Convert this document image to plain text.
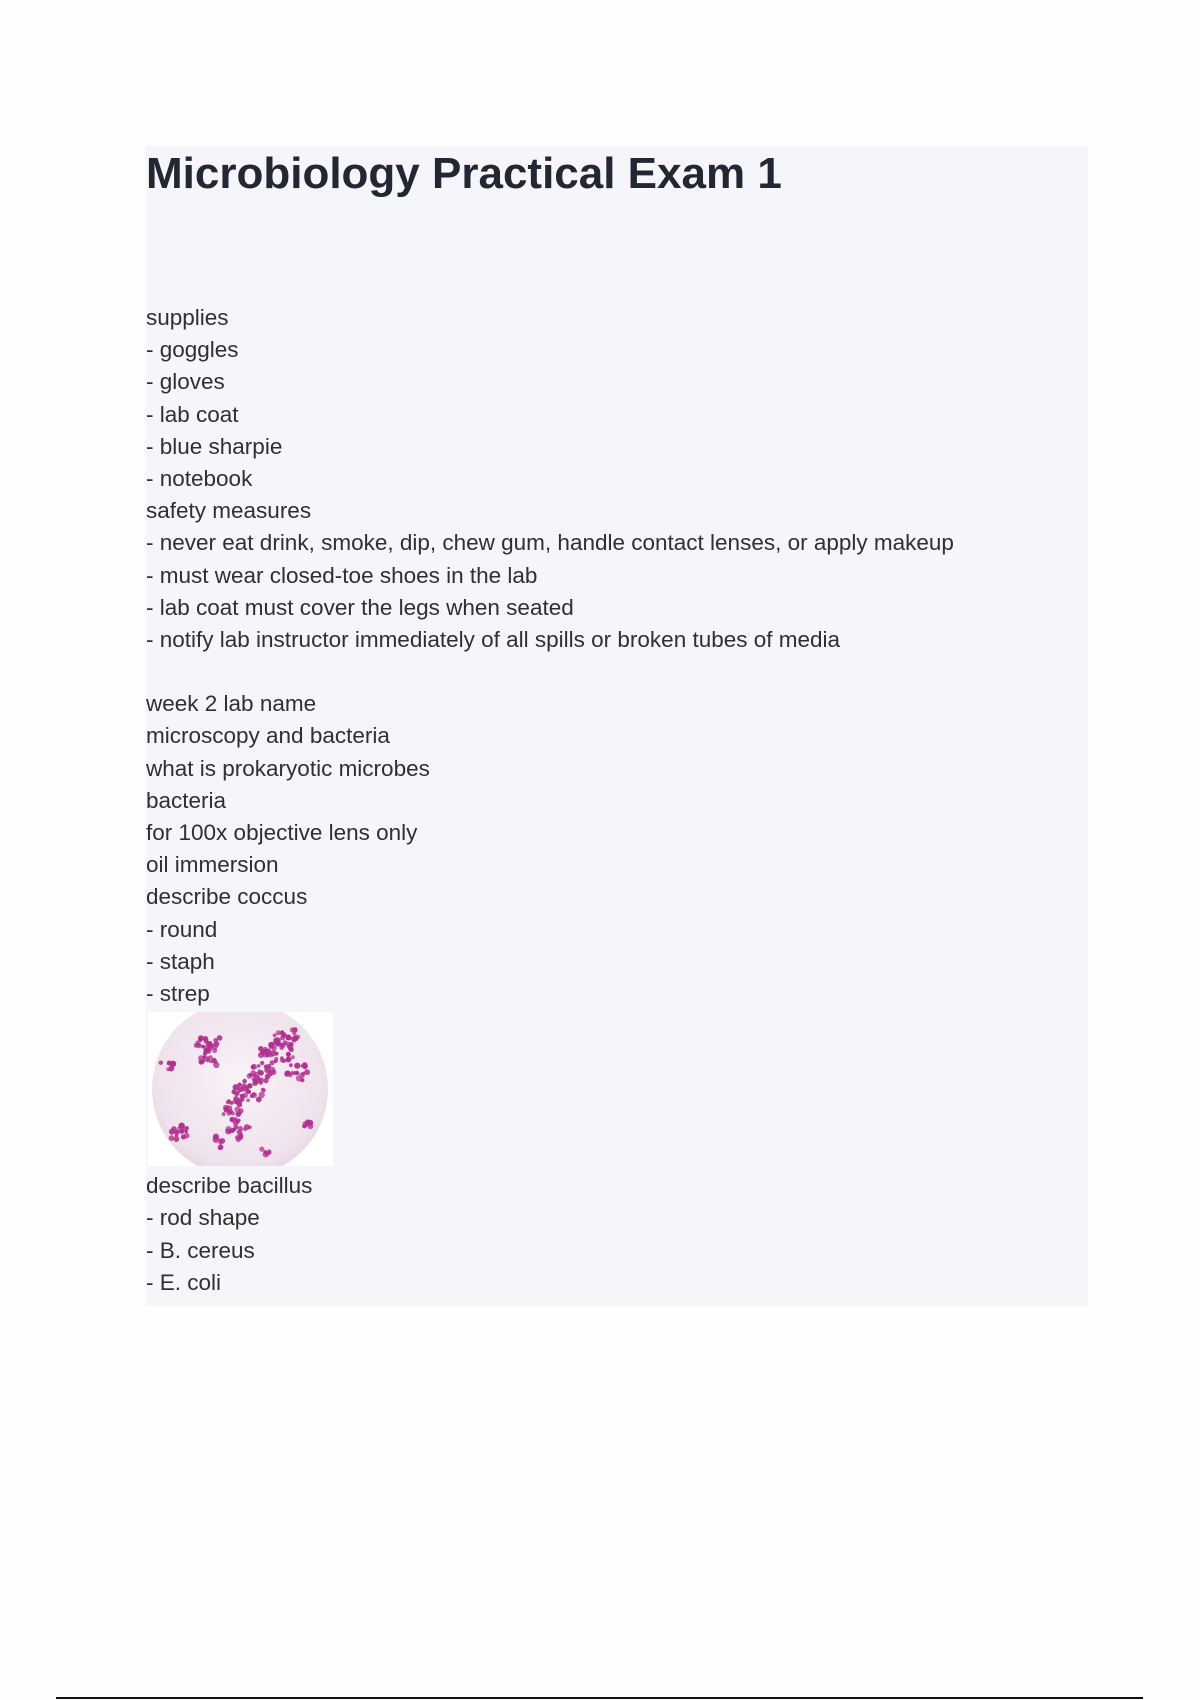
Microbiology Practical Exam 1
supplies
- goggles
- gloves
- lab coat
- blue sharpie
- notebook
safety measures
- never eat drink, smoke, dip, chew gum, handle contact lenses, or apply makeup
- must wear closed-toe shoes in the lab
- lab coat must cover the legs when seated
- notify lab instructor immediately of all spills or broken tubes of media
week 2 lab name
microscopy and bacteria
what is prokaryotic microbes
bacteria
for 100x objective lens only
oil immersion
describe coccus
- round
- staph
- strep
describe bacillus
- rod shape
- B. cereus
- E. coli
